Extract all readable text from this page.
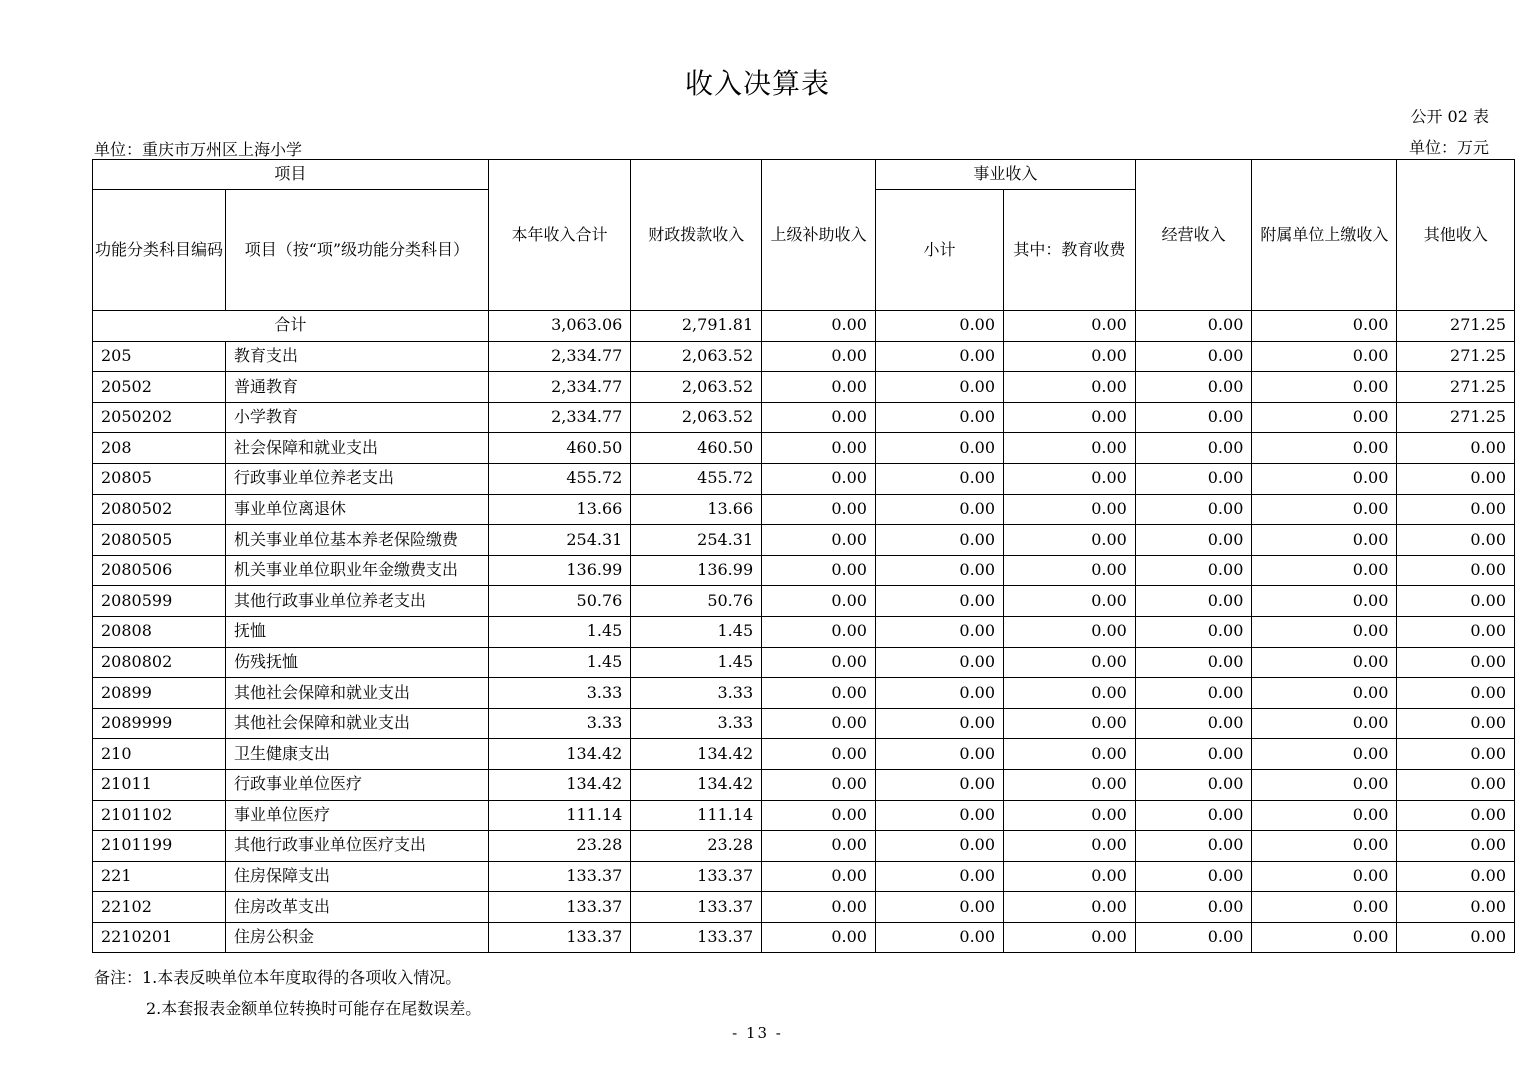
收入决算表
公开 02 表
单位：重庆市万州区上海小学	单位：万元
项目		本年收入合计	财政拨款收入	上级补助收入	事业收入		经营收入	附属单位上缴收入	其他收入
功能分类科目编码	项目（按“项”级功能分类科目）				小计	其中：教育收费			
合计		3,063.06	2,791.81	0.00	0.00	0.00	0.00	0.00	271.25
205	教育支出	2,334.77	2,063.52	0.00	0.00	0.00	0.00	0.00	271.25
20502	普通教育	2,334.77	2,063.52	0.00	0.00	0.00	0.00	0.00	271.25
2050202	小学教育	2,334.77	2,063.52	0.00	0.00	0.00	0.00	0.00	271.25
208	社会保障和就业支出	460.50	460.50	0.00	0.00	0.00	0.00	0.00	0.00
20805	行政事业单位养老支出	455.72	455.72	0.00	0.00	0.00	0.00	0.00	0.00
2080502	事业单位离退休	13.66	13.66	0.00	0.00	0.00	0.00	0.00	0.00
2080505	机关事业单位基本养老保险缴费	254.31	254.31	0.00	0.00	0.00	0.00	0.00	0.00
2080506	机关事业单位职业年金缴费支出	136.99	136.99	0.00	0.00	0.00	0.00	0.00	0.00
2080599	其他行政事业单位养老支出	50.76	50.76	0.00	0.00	0.00	0.00	0.00	0.00
20808	抚恤	1.45	1.45	0.00	0.00	0.00	0.00	0.00	0.00
2080802	伤残抚恤	1.45	1.45	0.00	0.00	0.00	0.00	0.00	0.00
20899	其他社会保障和就业支出	3.33	3.33	0.00	0.00	0.00	0.00	0.00	0.00
2089999	其他社会保障和就业支出	3.33	3.33	0.00	0.00	0.00	0.00	0.00	0.00
210	卫生健康支出	134.42	134.42	0.00	0.00	0.00	0.00	0.00	0.00
21011	行政事业单位医疗	134.42	134.42	0.00	0.00	0.00	0.00	0.00	0.00
2101102	事业单位医疗	111.14	111.14	0.00	0.00	0.00	0.00	0.00	0.00
2101199	其他行政事业单位医疗支出	23.28	23.28	0.00	0.00	0.00	0.00	0.00	0.00
221	住房保障支出	133.37	133.37	0.00	0.00	0.00	0.00	0.00	0.00
22102	住房改革支出	133.37	133.37	0.00	0.00	0.00	0.00	0.00	0.00
2210201	住房公积金	133.37	133.37	0.00	0.00	0.00	0.00	0.00	0.00
备注：1.本表反映单位本年度取得的各项收入情况。
2.本套报表金额单位转换时可能存在尾数误差。
- 13 -
